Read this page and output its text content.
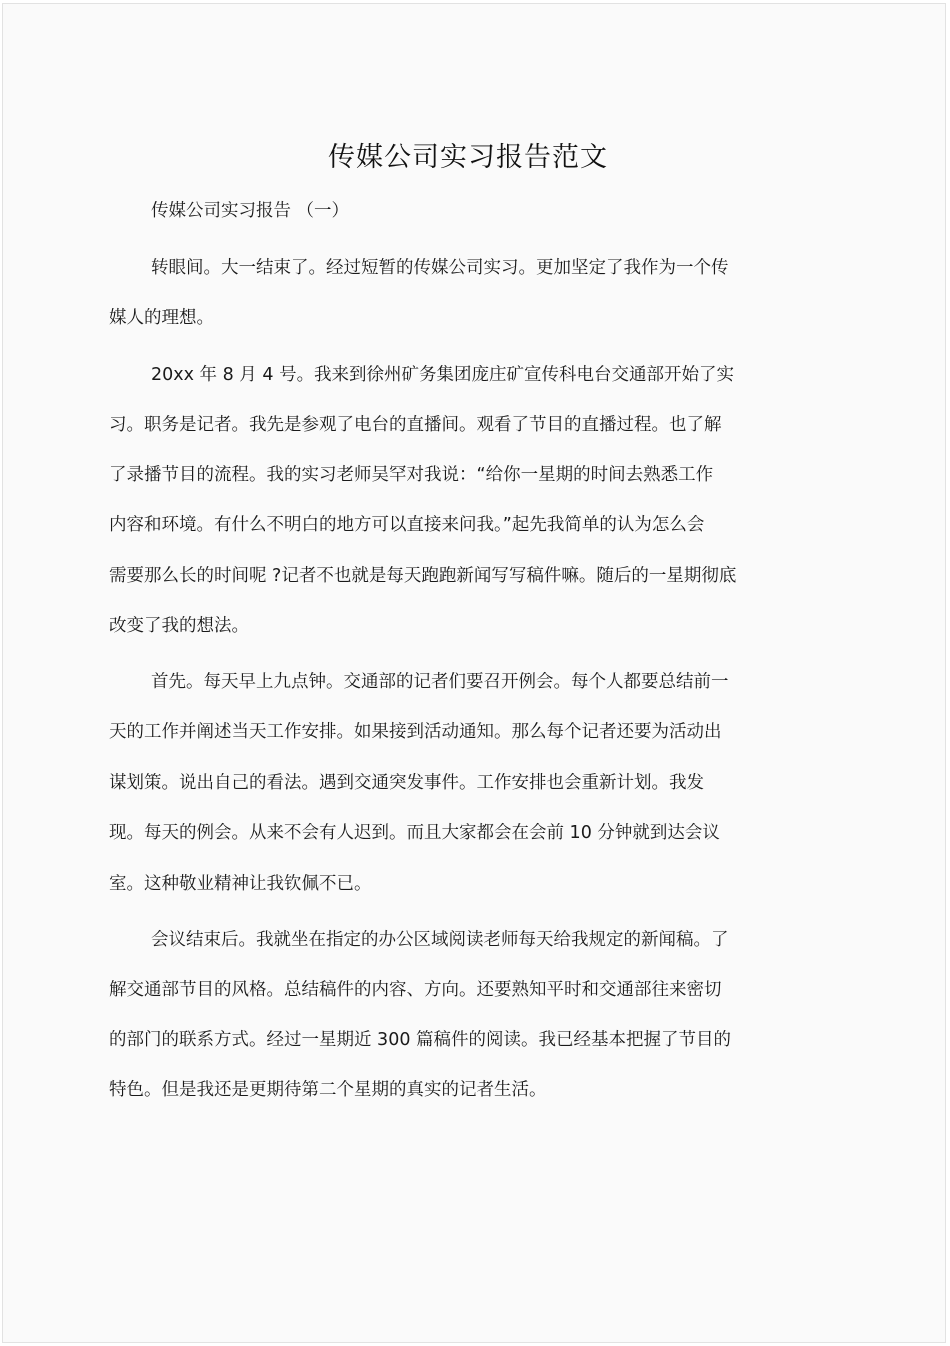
传媒公司实习报告范文
传媒公司实习报告 （一）
转眼间。大一结束了。经过短暂的传媒公司实习。更加坚定了我作为一个传
媒人的理想。
20xx 年 8 月 4 号。我来到徐州矿务集团庞庄矿宣传科电台交通部开始了实
习。职务是记者。我先是参观了电台的直播间。观看了节目的直播过程。也了解
了录播节目的流程。我的实习老师吴罕对我说：“给你一星期的时间去熟悉工作
内容和环境。有什么不明白的地方可以直接来问我。”起先我简单的认为怎么会
需要那么长的时间呢 ?记者不也就是每天跑跑新闻写写稿件嘛。随后的一星期彻底
改变了我的想法。
首先。每天早上九点钟。交通部的记者们要召开例会。每个人都要总结前一
天的工作并阐述当天工作安排。如果接到活动通知。那么每个记者还要为活动出
谋划策。说出自己的看法。遇到交通突发事件。工作安排也会重新计划。我发
现。每天的例会。从来不会有人迟到。而且大家都会在会前 10 分钟就到达会议
室。这种敬业精神让我钦佩不已。
会议结束后。我就坐在指定的办公区域阅读老师每天给我规定的新闻稿。了
解交通部节目的风格。总结稿件的内容、方向。还要熟知平时和交通部往来密切
的部门的联系方式。经过一星期近 300 篇稿件的阅读。我已经基本把握了节目的
特色。但是我还是更期待第二个星期的真实的记者生活。
